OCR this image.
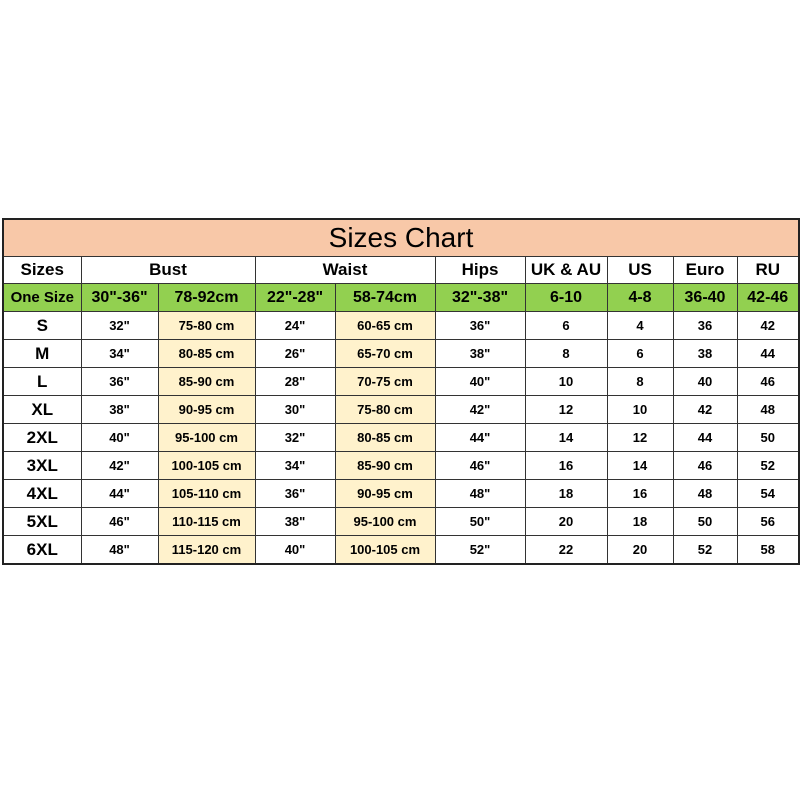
Sizes Chart									
Sizes	Bust		Waist		Hips	UK & AU	US	Euro	RU
One Size	30"-36"	78-92cm	22"-28"	58-74cm	32"-38"	6-10	4-8	36-40	42-46
S	32"	75-80 cm	24"	60-65 cm	36"	6	4	36	42
M	34"	80-85 cm	26"	65-70 cm	38"	8	6	38	44
L	36"	85-90 cm	28"	70-75 cm	40"	10	8	40	46
XL	38"	90-95 cm	30"	75-80 cm	42"	12	10	42	48
2XL	40"	95-100 cm	32"	80-85 cm	44"	14	12	44	50
3XL	42"	100-105 cm	34"	85-90 cm	46"	16	14	46	52
4XL	44"	105-110 cm	36"	90-95 cm	48"	18	16	48	54
5XL	46"	110-115 cm	38"	95-100 cm	50"	20	18	50	56
6XL	48"	115-120 cm	40"	100-105 cm	52"	22	20	52	58
